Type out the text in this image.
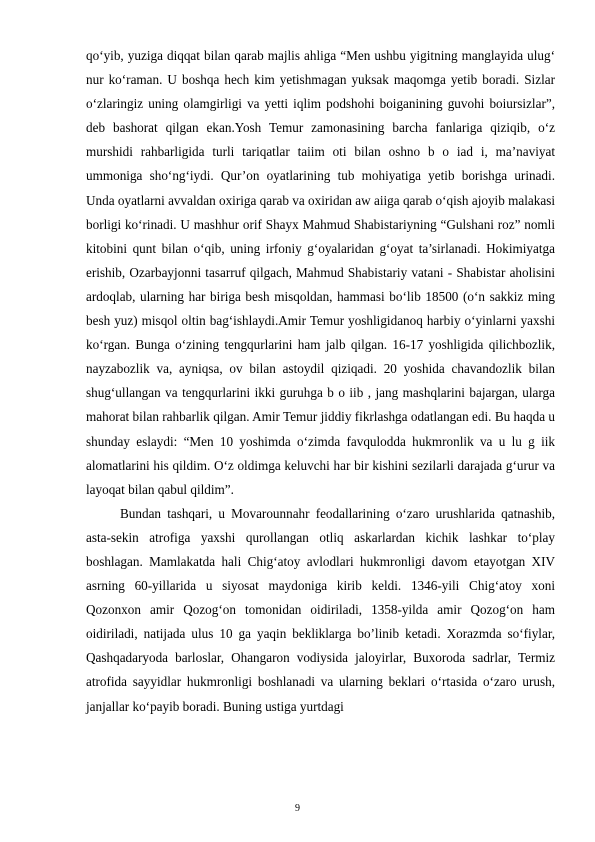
qo‘yib, yuziga diqqat bilan qarab majlis ahliga “Men ushbu yigitning manglayida ulug‘ nur ko‘raman. U boshqa hech kim yetishmagan yuksak maqomga yetib boradi. Sizlar o‘zlaringiz uning olamgirligi va yetti iqlim podshohi boiganining guvohi boiursizlar”, deb bashorat qilgan ekan.Yosh Temur zamonasining barcha fanlariga qiziqib, o‘z murshidi rahbarligida turli tariqatlar taiim oti bilan oshno b o iad i, ma’naviyat ummoniga sho‘ng‘iydi. Qur’on oyatlarining tub mohiyatiga yetib borishga urinadi. Unda oyatlarni avvaldan oxiriga qarab va oxiridan aw aiiga qarab o‘qish ajoyib malakasi borligi ko‘rinadi. U mashhur orif Shayx Mahmud Shabistariyning “Gulshani roz” nomli kitobini qunt bilan o‘qib, uning irfoniy g‘oyalaridan g‘oyat ta’sirlanadi. Hokimiyatga erishib, Ozarbayjonni tasarruf qilgach, Mahmud Shabistariy vatani - Shabistar aholisini ardoqlab, ularning har biriga besh misqoldan, hammasi bo‘lib 18500 (o‘n sakkiz ming besh yuz) misqol oltin bag‘ishlaydi.Amir Temur yoshligidanoq harbiy o‘yinlarni yaxshi ko‘rgan. Bunga o‘zining tengqurlarini ham jalb qilgan. 16-17 yoshligida qilichbozlik, nayzabozlik va, ayniqsa, ov bilan astoydil qiziqadi. 20 yoshida chavandozlik bilan shug‘ullangan va tengqurlarini ikki guruhga b o iib , jang mashqlarini bajargan, ularga mahorat bilan rahbarlik qilgan. Amir Temur jiddiy fikrlashga odatlangan edi. Bu haqda u shunday eslaydi: “Men 10 yoshimda o‘zimda favqulodda hukmronlik va u lu g iik alomatlarini his qildim. O‘z oldimga keluvchi har bir kishini sezilarli darajada g‘urur va layoqat bilan qabul qildim”.

Bundan tashqari, u Movarounnahr feodallarining o‘zaro urushlarida qatnashib, asta-sekin atrofiga yaxshi qurollangan otliq askarlardan kichik lashkar to‘play boshlagan. Mamlakatda hali Chig‘atoy avlodlari hukmronligi davom etayotgan XIV asrning 60-yillarida u siyosat maydoniga kirib keldi. 1346-yili Chig‘atoy xoni Qozonxon amir Qozog‘on tomonidan oidiriladi, 1358-yilda amir Qozog‘on ham oidiriladi, natijada ulus 10 ga yaqin bekliklarga bo’linib ketadi. Xorazmda so‘fiylar, Qashqadaryoda barloslar, Ohangaron vodiysida jaloyirlar, Buxoroda sadrlar, Termiz atrofida sayyidlar hukmronligi boshlanadi va ularning beklari o‘rtasida o‘zaro urush, janjallar ko‘payib boradi. Buning ustiga yurtdagi

9
